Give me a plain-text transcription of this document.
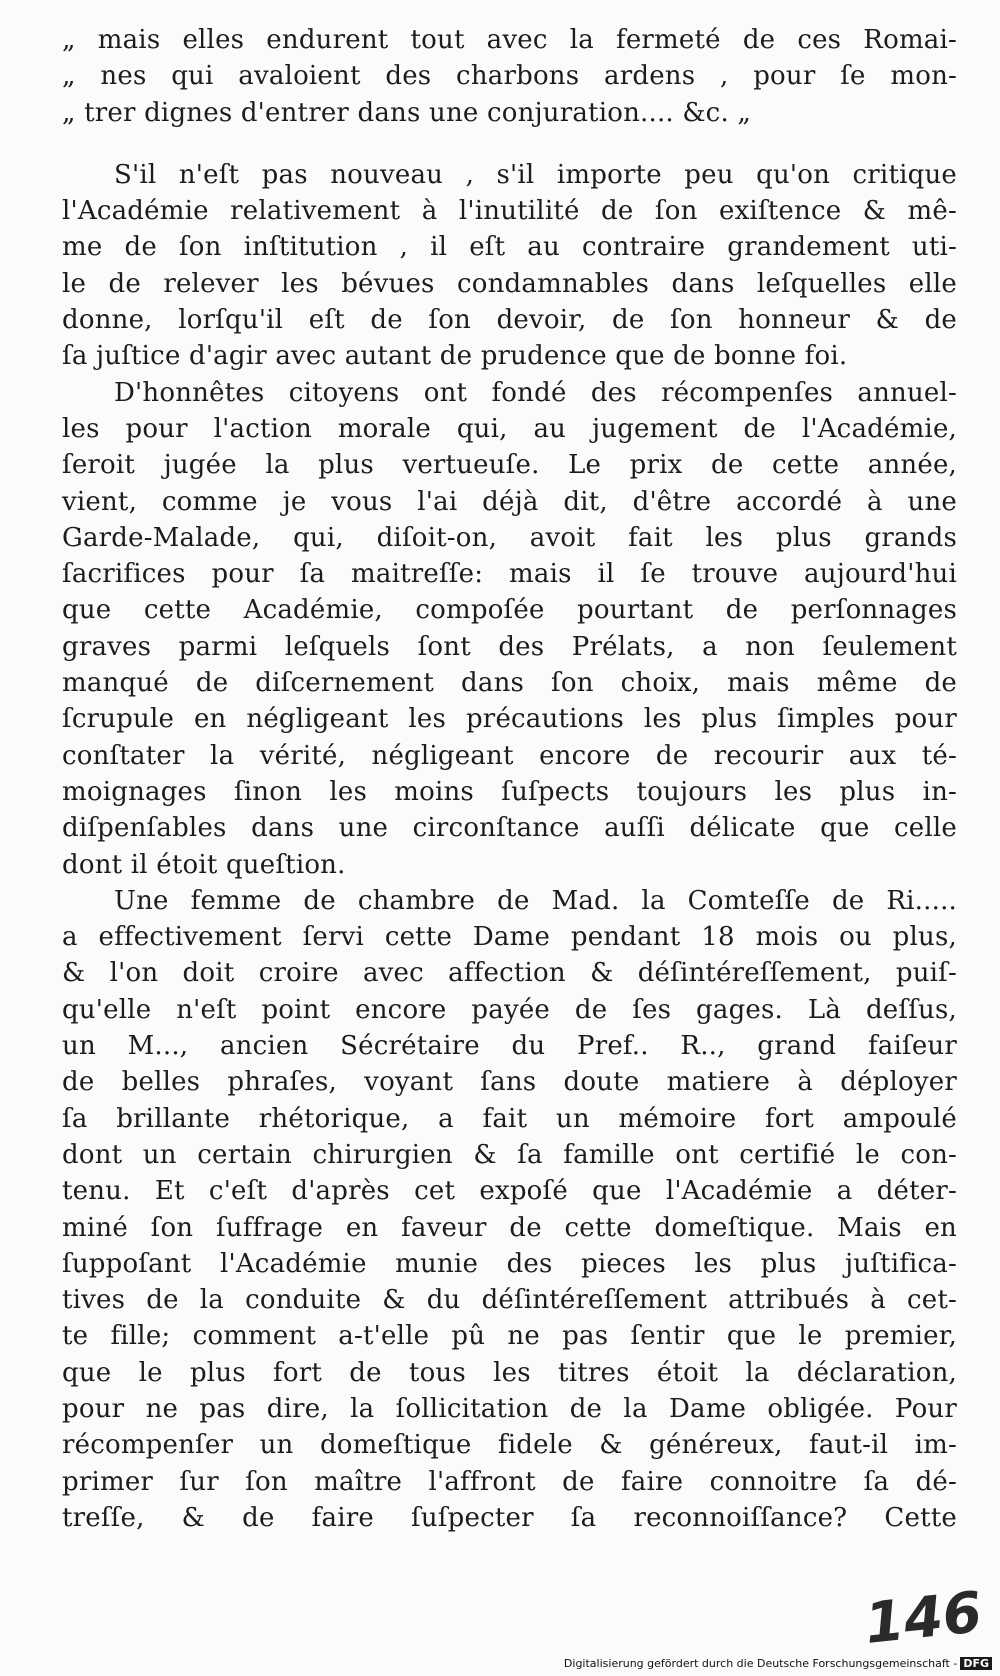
„ mais elles endurent tout avec la fermeté de ces Romai-
„ nes qui avaloient des charbons ardens , pour ſe mon-
„ trer dignes d'entrer dans une conjuration.... &c. „
S'il n'eſt pas nouveau , s'il importe peu qu'on critique
l'Académie relativement à l'inutilité de ſon exiſtence & mê-
me de ſon inſtitution , il eſt au contraire grandement uti-
le de relever les bévues condamnables dans leſquelles elle
donne, lorſqu'il eſt de ſon devoir, de ſon honneur & de
ſa juſtice d'agir avec autant de prudence que de bonne foi.
D'honnêtes citoyens ont fondé des récompenſes annuel-
les pour l'action morale qui, au jugement de l'Académie,
ſeroit jugée la plus vertueuſe. Le prix de cette année,
vient, comme je vous l'ai déjà dit, d'être accordé à une
Garde-Malade, qui, diſoit-on, avoit fait les plus grands
ſacrifices pour ſa maitreſſe: mais il ſe trouve aujourd'hui
que cette Académie, compoſée pourtant de perſonnages
graves parmi leſquels ſont des Prélats, a non ſeulement
manqué de diſcernement dans ſon choix, mais même de
ſcrupule en négligeant les précautions les plus ſimples pour
conſtater la vérité, négligeant encore de recourir aux té-
moignages ſinon les moins ſuſpects toujours les plus in-
diſpenſables dans une circonſtance auſſi délicate que celle
dont il étoit queſtion.
Une femme de chambre de Mad. la Comteſſe de Ri.....
a effectivement ſervi cette Dame pendant 18 mois ou plus,
& l'on doit croire avec affection & déſintéreſſement, puiſ-
qu'elle n'eſt point encore payée de ſes gages. Là deſſus,
un M..., ancien Sécrétaire du Pref.. R.., grand faiſeur
de belles phraſes, voyant ſans doute matiere à déployer
ſa brillante rhétorique, a fait un mémoire fort ampoulé
dont un certain chirurgien & ſa famille ont certifié le con-
tenu. Et c'eſt d'après cet expoſé que l'Académie a déter-
miné ſon ſuffrage en faveur de cette domeſtique. Mais en
ſuppoſant l'Académie munie des pieces les plus juſtifica-
tives de la conduite & du déſintéreſſement attribués à cet-
te fille; comment a-t'elle pû ne pas ſentir que le premier,
que le plus fort de tous les titres étoit la déclaration,
pour ne pas dire, la ſollicitation de la Dame obligée. Pour
récompenſer un domeſtique fidele & généreux, faut-il im-
primer ſur ſon maître l'affront de faire connoitre ſa dé-
treſſe, & de faire ſuſpecter ſa reconnoiſſance? Cette
146
Digitalisierung gefördert durch die Deutsche Forschungsgemeinschaft - DFG
